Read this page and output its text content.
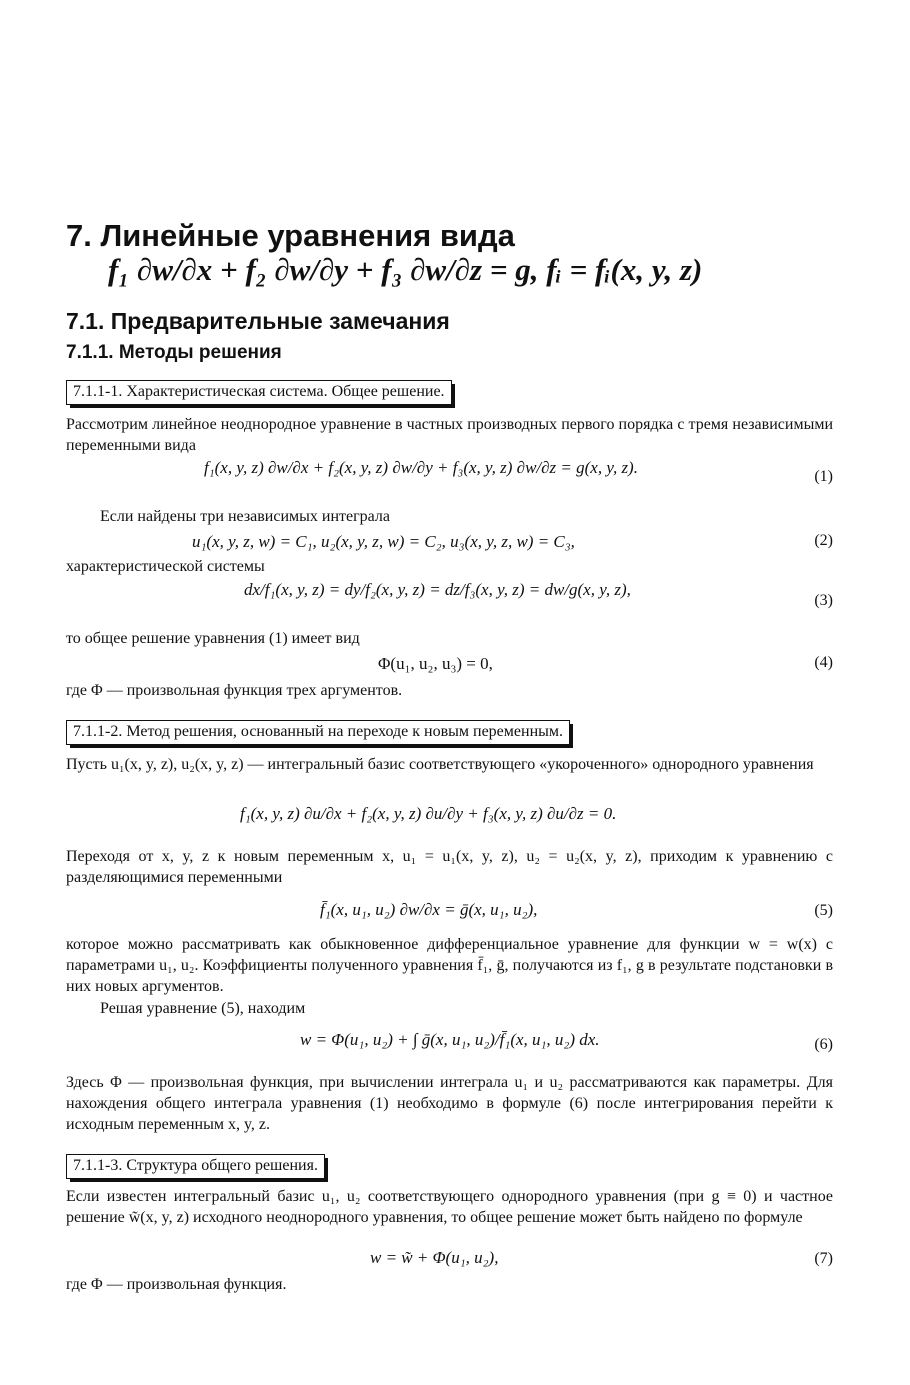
7. Линейные уравнения вида
f₁ ∂w/∂x + f₂ ∂w/∂y + f₃ ∂w/∂z = g, fᵢ = fᵢ(x, y, z)
7.1. Предварительные замечания
7.1.1. Методы решения
7.1.1-1. Характеристическая система. Общее решение.
Рассмотрим линейное неоднородное уравнение в частных производных первого порядка с тремя независимыми переменными вида
f₁(x, y, z) ∂w/∂x + f₂(x, y, z) ∂w/∂y + f₃(x, y, z) ∂w/∂z = g(x, y, z).	(1)
Если найдены три независимых интеграла
u₁(x, y, z, w) = C₁, u₂(x, y, z, w) = C₂, u₃(x, y, z, w) = C₃,	(2)
характеристической системы
dx/f₁(x, y, z) = dy/f₂(x, y, z) = dz/f₃(x, y, z) = dw/g(x, y, z),
(3)
то общее решение уравнения (1) имеет вид
Φ(u₁, u₂, u₃) = 0,	(4)
где Φ — произвольная функция трех аргументов.
7.1.1-2. Метод решения, основанный на переходе к новым переменным.
Пусть u₁(x, y, z), u₂(x, y, z) — интегральный базис соответствующего «укороченного» однородного уравнения
f₁(x, y, z) ∂u/∂x + f₂(x, y, z) ∂u/∂y + f₃(x, y, z) ∂u/∂z = 0.
Переходя от x, y, z к новым переменным x, u₁ = u₁(x, y, z), u₂ = u₂(x, y, z), приходим к уравнению с разделяющимися переменными
f̄₁(x, u₁, u₂) ∂w/∂x = ḡ(x, u₁, u₂),	(5)
которое можно рассматривать как обыкновенное дифференциальное уравнение для функции w = w(x) с параметрами u₁, u₂. Коэффициенты полученного уравнения f̄₁, ḡ, получаются из f₁, g в результате подстановки в них новых аргументов.
Решая уравнение (5), находим
w = Φ(u₁, u₂) + ∫ ḡ(x, u₁, u₂)/f̄₁(x, u₁, u₂) dx.	(6)
Здесь Φ — произвольная функция, при вычислении интеграла u₁ и u₂ рассматриваются как параметры. Для нахождения общего интеграла уравнения (1) необходимо в формуле (6) после интегрирования перейти к исходным переменным x, y, z.
7.1.1-3. Структура общего решения.
Если известен интегральный базис u₁, u₂ соответствующего однородного уравнения (при g ≡ 0) и частное решение w̃(x, y, z) исходного неоднородного уравнения, то общее решение может быть найдено по формуле
w = w̃ + Φ(u₁, u₂),	(7)
где Φ — произвольная функция.
